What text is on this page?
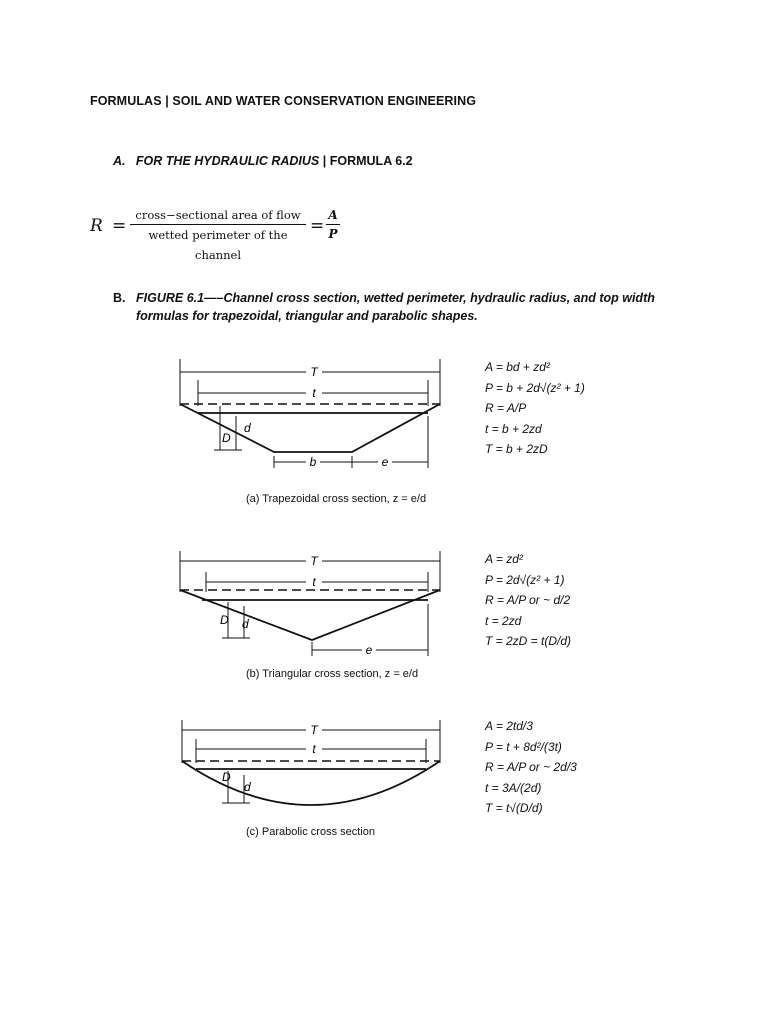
FORMULAS | SOIL AND WATER CONSERVATION ENGINEERING
A. FOR THE HYDRAULIC RADIUS | FORMULA 6.2
R =
cross−sectional area of flow
wetted perimeter of the channel
=
A
P
B. FIGURE 6.1—–Channel cross section, wetted perimeter, hydraulic radius, and top width formulas for trapezoidal, triangular and parabolic shapes.
T
t
D
d
b	e
A = bd + zd²
P = b + 2d√(z² + 1)
R = A/P
t = b + 2zd
T = b + 2zD
(a) Trapezoidal cross section, z = e/d
T
t
D d
e
A = zd²
P = 2d√(z² + 1)
R = A/P or ~ d/2
t = 2zd
T = 2zD = t(D/d)
(b) Triangular cross section, z = e/d
T
t
D
d
A = 2td/3
P = t + 8d²/(3t)
R = A/P or ~ 2d/3
t = 3A/(2d)
T = t√(D/d)
(c) Parabolic cross section
